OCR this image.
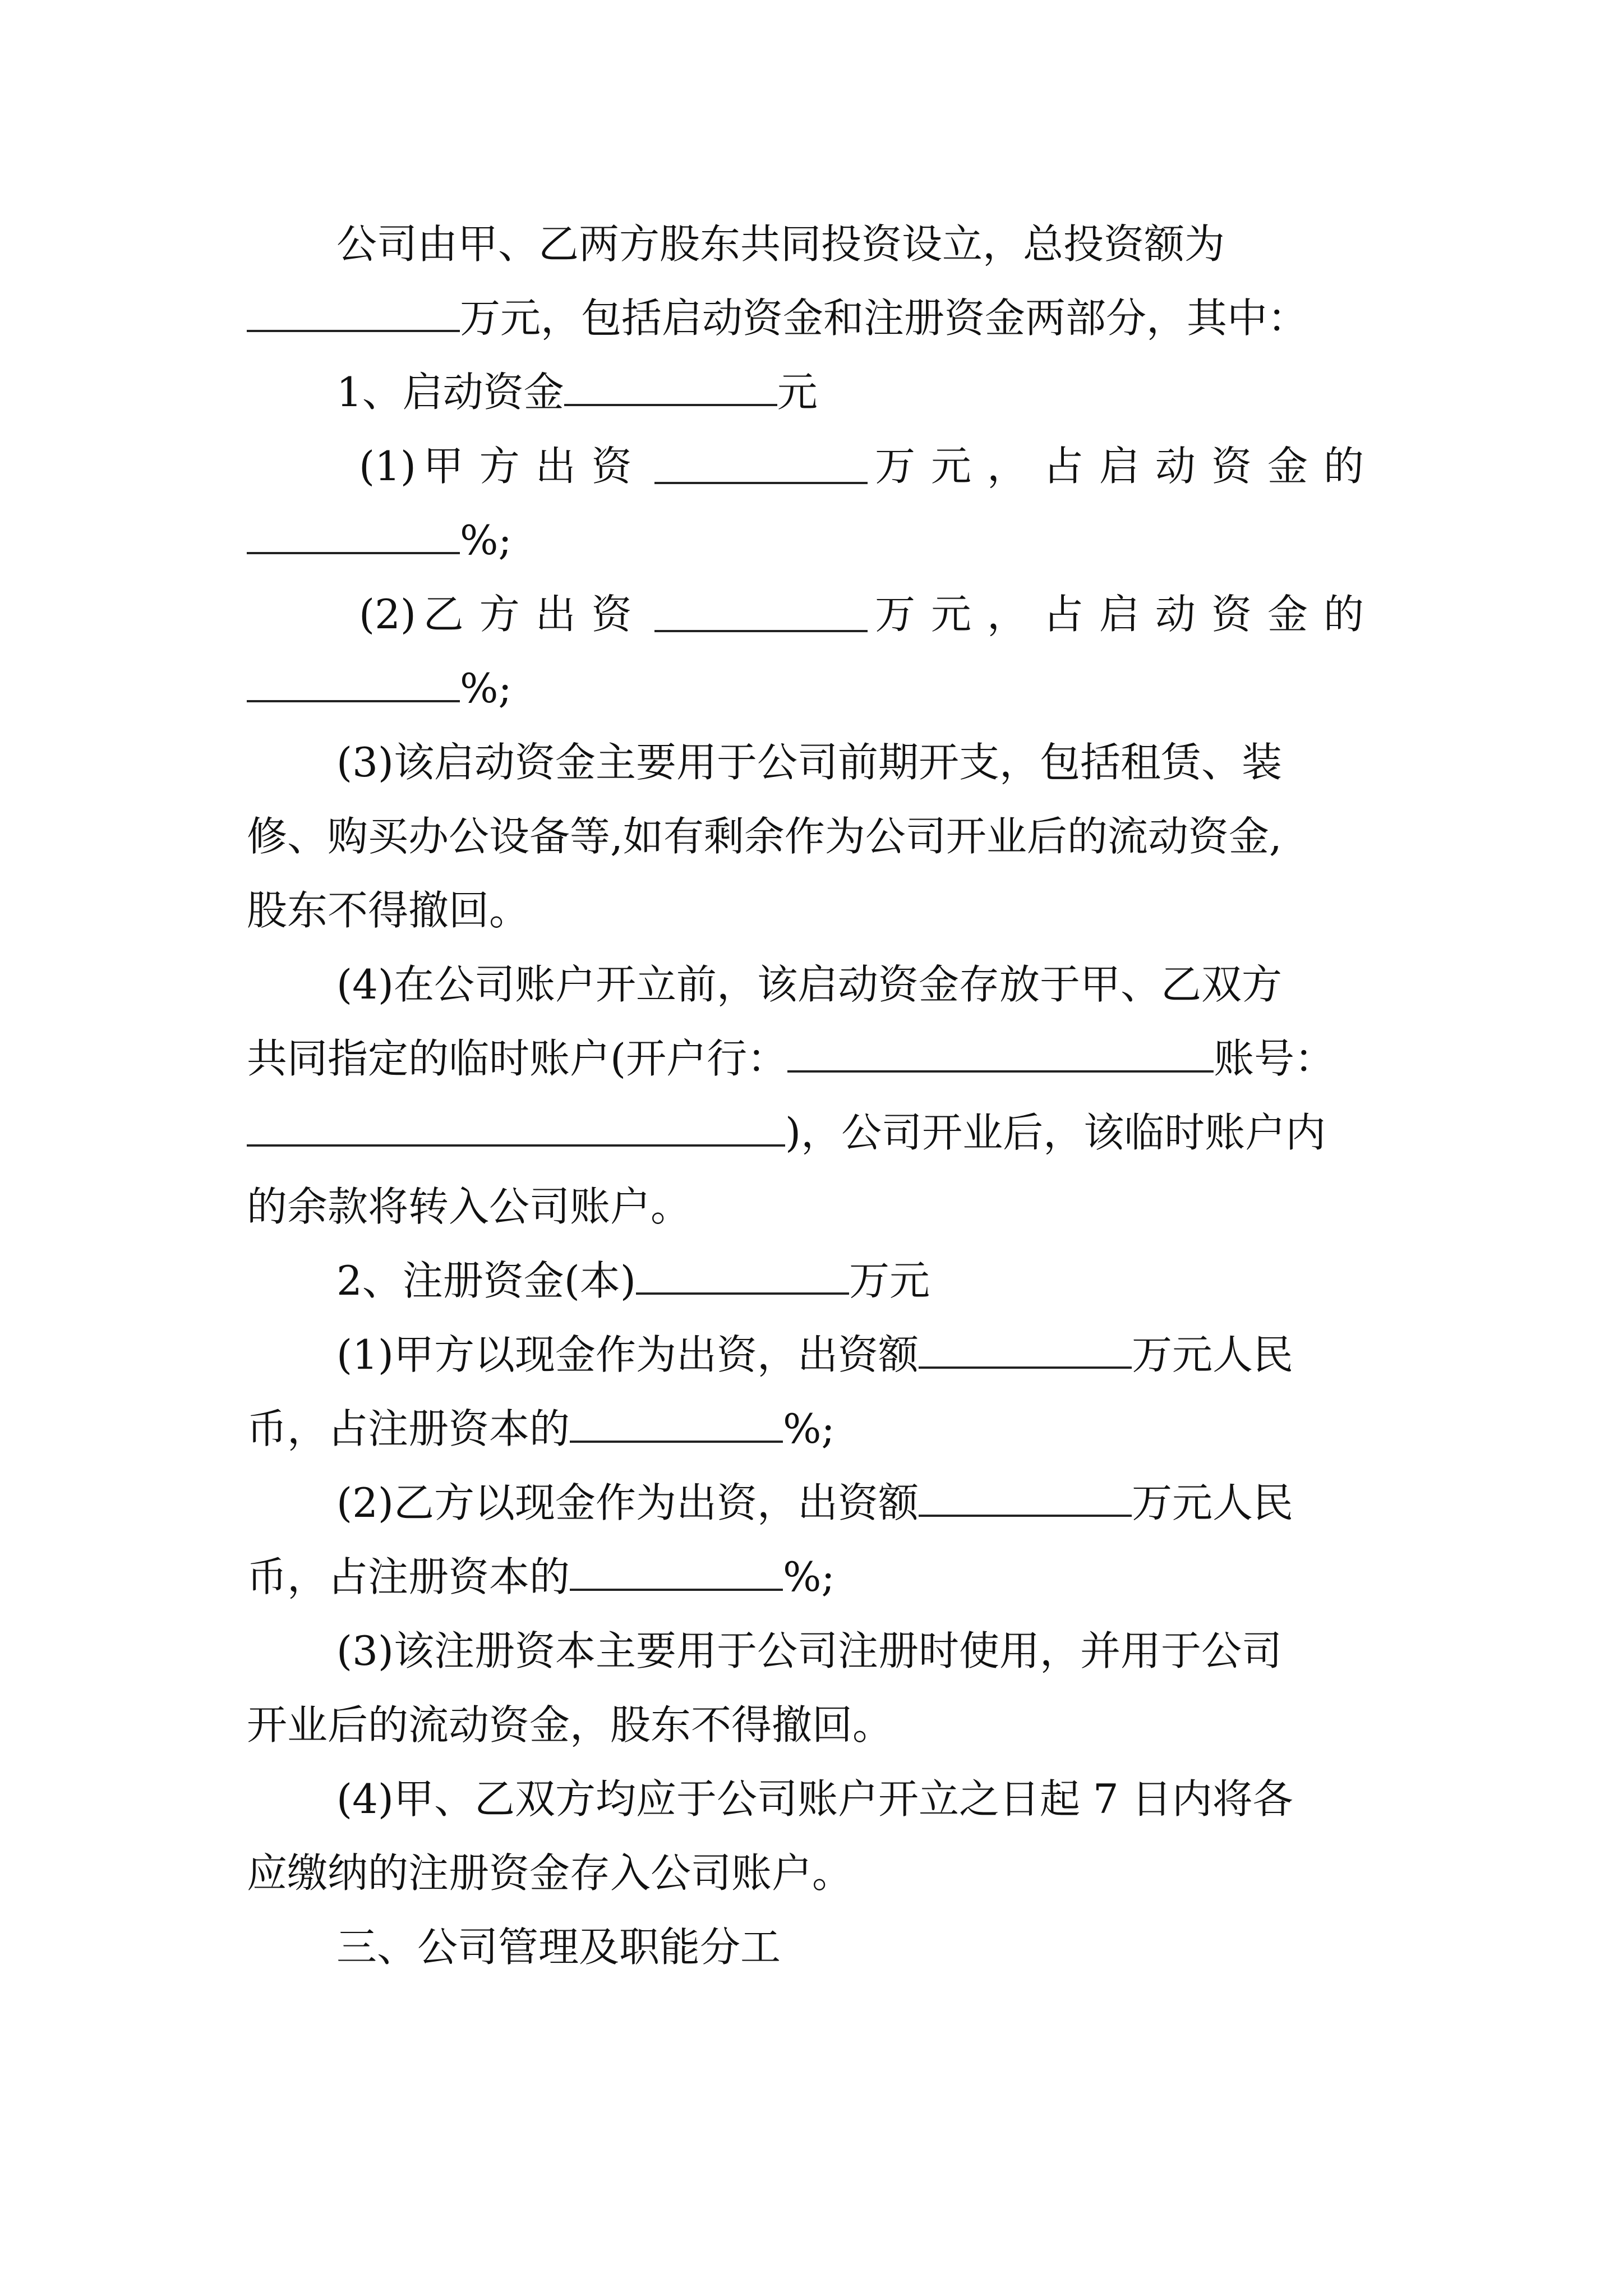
公司由甲、乙两方股东共同投资设立，总投资额为
万元，包括启动资金和注册资金两部分，其中：
1、启动资金	元
(1) 甲方出资	万元，占启动资金的
%;
(2) 乙方出资	万元，占启动资金的
%;
(3)该启动资金主要用于公司前期开支，包括租赁、装
修、购买办公设备等,如有剩余作为公司开业后的流动资金,
股东不得撤回。
(4)在公司账户开立前，该启动资金存放于甲、乙双方
共同指定的临时账户(开户行：	账号：
)，公司开业后，该临时账户内
的余款将转入公司账户。
2、注册资金(本)	万元
(1)甲方以现金作为出资，出资额	万元人民
币，占注册资本的	%;
(2)乙方以现金作为出资，出资额	万元人民
币，占注册资本的	%;
(3)该注册资本主要用于公司注册时使用，并用于公司
开业后的流动资金，股东不得撤回。
(4)甲、乙双方均应于公司账户开立之日起 7 日内将各
应缴纳的注册资金存入公司账户。
三、公司管理及职能分工
